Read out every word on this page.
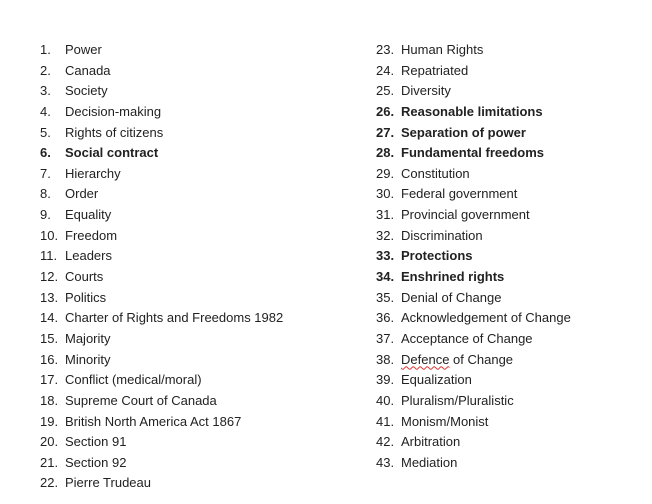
1.	Power
2.	Canada
3.	Society
4.	Decision-making
5.	Rights of citizens
6.	Social contract
7.	Hierarchy
8.	Order
9.	Equality
10. Freedom
11. Leaders
12. Courts
13. Politics
14. Charter of Rights and Freedoms 1982
15. Majority
16. Minority
17. Conflict (medical/moral)
18. Supreme Court of Canada
19. British North America Act 1867
20. Section 91
21. Section 92
22. Pierre Trudeau
23. Human Rights
24. Repatriated
25. Diversity
26. Reasonable limitations
27. Separation of power
28. Fundamental freedoms
29. Constitution
30. Federal government
31. Provincial government
32. Discrimination
33. Protections
34. Enshrined rights
35. Denial of Change
36. Acknowledgement of Change
37. Acceptance of Change
38. Defence of Change
39. Equalization
40. Pluralism/Pluralistic
41. Monism/Monist
42. Arbitration
43. Mediation
